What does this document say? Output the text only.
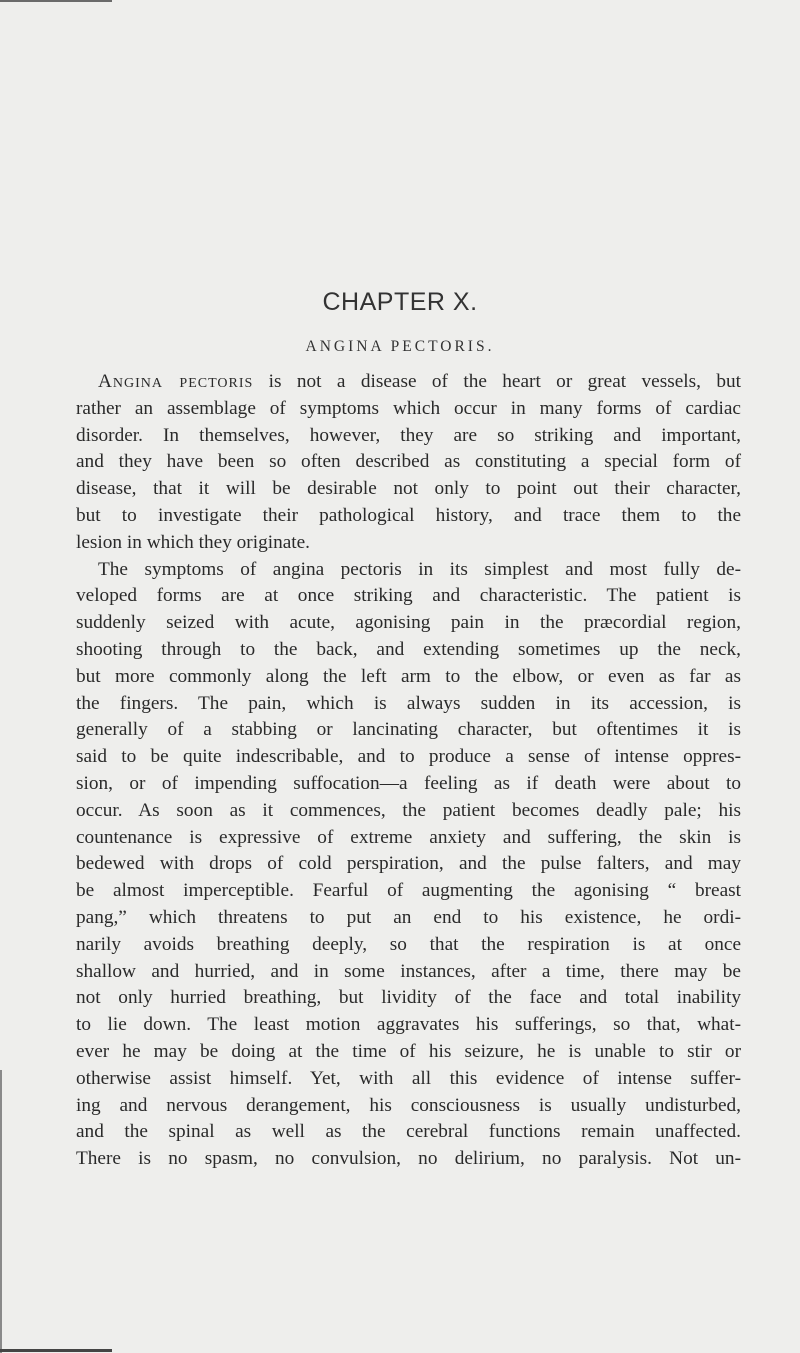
CHAPTER X.
ANGINA PECTORIS.
Angina pectoris is not a disease of the heart or great vessels, but
rather an assemblage of symptoms which occur in many forms of cardiac
disorder. In themselves, however, they are so striking and important,
and they have been so often described as constituting a special form of
disease, that it will be desirable not only to point out their character,
but to investigate their pathological history, and trace them to the
lesion in which they originate.
The symptoms of angina pectoris in its simplest and most fully de-
veloped forms are at once striking and characteristic. The patient is
suddenly seized with acute, agonising pain in the præcordial region,
shooting through to the back, and extending sometimes up the neck,
but more commonly along the left arm to the elbow, or even as far as
the fingers. The pain, which is always sudden in its accession, is
generally of a stabbing or lancinating character, but oftentimes it is
said to be quite indescribable, and to produce a sense of intense oppres-
sion, or of impending suffocation—a feeling as if death were about to
occur. As soon as it commences, the patient becomes deadly pale; his
countenance is expressive of extreme anxiety and suffering, the skin is
bedewed with drops of cold perspiration, and the pulse falters, and may
be almost imperceptible. Fearful of augmenting the agonising “ breast
pang,” which threatens to put an end to his existence, he ordi-
narily avoids breathing deeply, so that the respiration is at once
shallow and hurried, and in some instances, after a time, there may be
not only hurried breathing, but lividity of the face and total inability
to lie down. The least motion aggravates his sufferings, so that, what-
ever he may be doing at the time of his seizure, he is unable to stir or
otherwise assist himself. Yet, with all this evidence of intense suffer-
ing and nervous derangement, his consciousness is usually undisturbed,
and the spinal as well as the cerebral functions remain unaffected.
There is no spasm, no convulsion, no delirium, no paralysis. Not un-
